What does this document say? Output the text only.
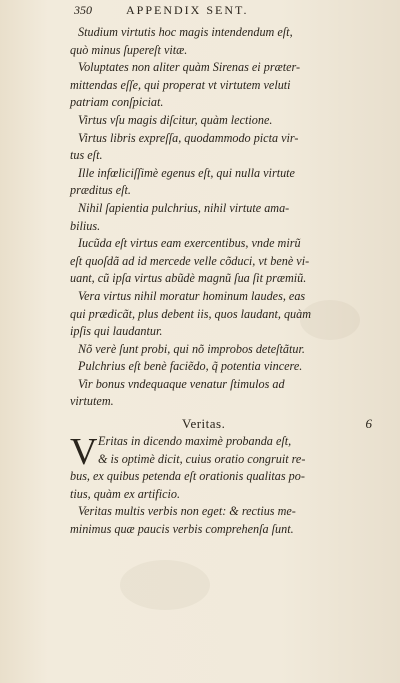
350	APPENDIX SENT.
Studium virtutis hoc magis intendendum eſt,
quò minus ſupereſt vitæ.
Voluptates non aliter quàm Sirenas ei præter-
mittendas eſſe, qui properat vt virtutem veluti
patriam conſpiciat.
Virtus vſu magis diſcitur, quàm lectione.
Virtus libris expreſſa, quodammodo picta vir-
tus eſt.
Ille infœliciſſimè egenus eſt, qui nulla virtute
præditus eſt.
Nihil ſapientia pulchrius, nihil virtute ama-
bilius.
Iucũda eſt virtus eam exercentibus, vnde mirũ
eſt quoſdã ad id mercede velle cõduci, vt benè vi-
uant, cũ ipſa virtus abũdè magnũ ſua ſit præmiũ.
Vera virtus nihil moratur hominum laudes, eas
qui prædicãt, plus debent iis, quos laudant, quàm
ipſis qui laudantur.
Nõ verè ſunt probi, qui nõ improbos deteſtãtur.
Pulchrius eſt benè faciẽdo, q̃ potentia vincere.
Vir bonus vndequaque venatur ſtimulos ad
virtutem.
Veritas.	6
V Eritas in dicendo maximè probanda eſt,
& is optimè dicit, cuius oratio congruit re-
bus, ex quibus petenda eſt orationis qualitas po-
tius, quàm ex artificio.
Veritas multis verbis non eget: & rectius me-
minimus quæ paucis verbis comprehenſa ſunt.
